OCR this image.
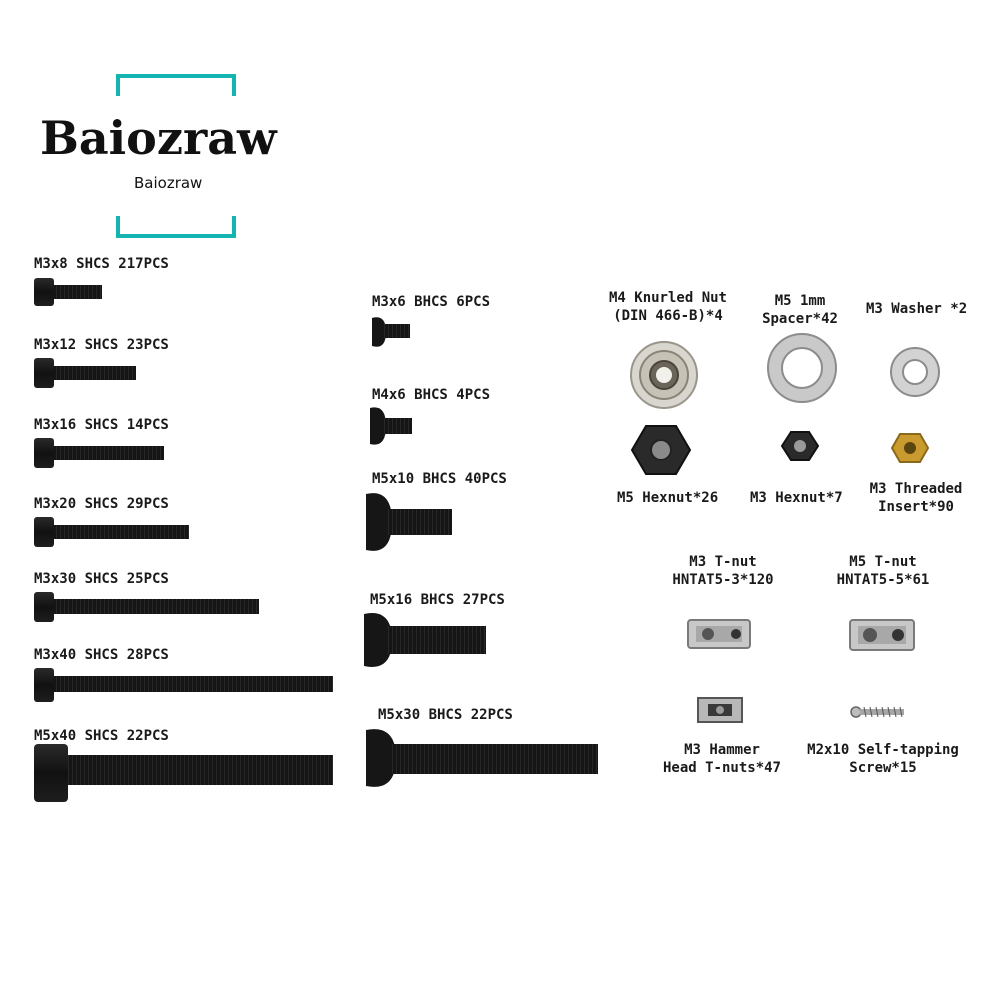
Baiozraw
Baiozraw
M3x8 SHCS 217PCS
M3x12 SHCS 23PCS
M3x16 SHCS 14PCS
M3x20 SHCS 29PCS
M3x30 SHCS 25PCS
M3x40 SHCS 28PCS
M5x40 SHCS 22PCS
M3x6 BHCS 6PCS
M4x6 BHCS 4PCS
M5x10 BHCS 40PCS
M5x16 BHCS 27PCS
M5x30 BHCS 22PCS
M4 Knurled Nut
(DIN 466-B)*4
M5 1mm
Spacer*42
M3 Washer *2
M5 Hexnut*26 M3 Hexnut*7
M3 Threaded
Insert*90
M3 T-nut
HNTAT5-3*120
M5 T-nut
HNTAT5-5*61
M3 Hammer
Head T-nuts*47
M2x10 Self-tapping
Screw*15
